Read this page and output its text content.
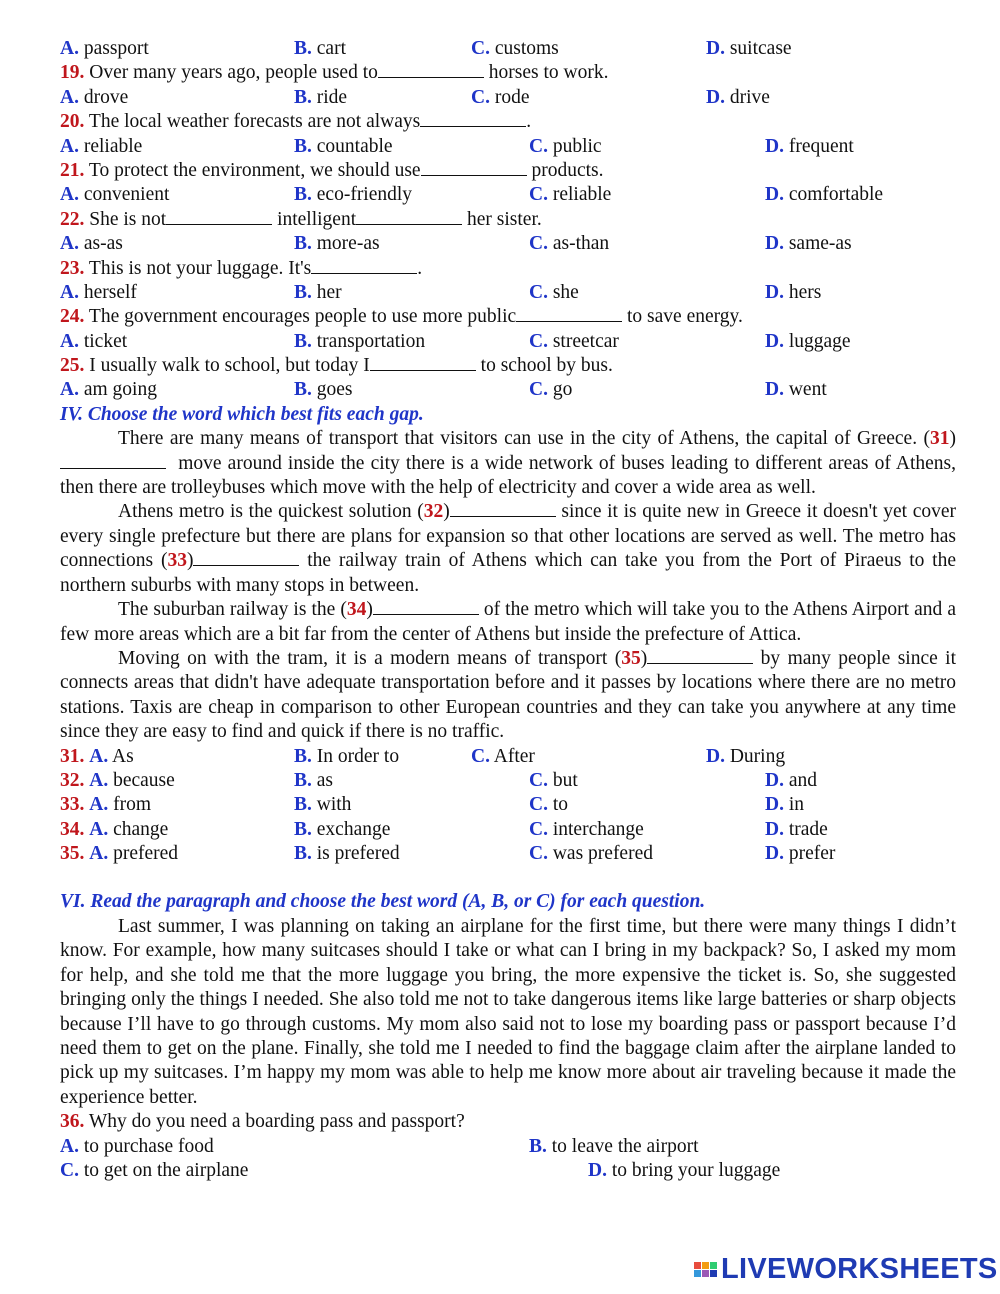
A. passport	B. cart	C. customs	D. suitcase
19. Over many years ago, people used to	horses to work.
A. drove	B. ride	C. rode	D. drive
20. The local weather forecasts are not always	.
A. reliable	B. countable	C. public	D. frequent
21. To protect the environment, we should use	products.
A. convenient	B. eco-friendly	C. reliable	D. comfortable
22. She is not	intelligent	her sister.
A. as-as	B. more-as	C. as-than	D. same-as
23. This is not your luggage. It's	.
A. herself	B. her	C. she	D. hers
24. The government encourages people to use more public	to save energy.
A. ticket	B. transportation	C. streetcar	D. luggage
25. I usually walk to school, but today I	to school by bus.
A. am going	B. goes	C. go	D. went
IV. Choose the word which best fits each gap.

There are many means of transport that visitors can use in the city of Athens, the capital of Greece. (31)  move around inside the city there is a wide network of buses leading to different areas of Athens, then there are trolleybuses which move with the help of electricity and cover a wide area as well.

Athens metro is the quickest solution (32)	since it is quite new in Greece it doesn't yet cover every single prefecture but there are plans for expansion so that other locations are served as well. The metro has connections (33)	the railway train of Athens which can take you from the Port of Piraeus to the northern suburbs with many stops in between.

The suburban railway is the (34)	of the metro which will take you to the Athens Airport and a few more areas which are a bit far from the center of Athens but inside the prefecture of Attica.

Moving on with the tram, it is a modern means of transport (35)	by many people since it connects areas that didn't have adequate transportation before and it passes by locations where there are no metro stations. Taxis are cheap in comparison to other European countries and they can take you anywhere at any time since they are easy to find and quick if there is no traffic.

31. A. As	B. In order to	C. After	D. During
32. A. because	B. as	C. but	D. and
33. A. from	B. with	C. to	D. in
34. A. change	B. exchange	C. interchange	D. trade
35. A. prefered	B. is prefered	C. was prefered	D. prefer
VI. Read the paragraph and choose the best word (A, B, or C) for each question.

Last summer, I was planning on taking an airplane for the first time, but there were many things I didn’t know. For example, how many suitcases should I take or what can I bring in my backpack? So, I asked my mom for help, and she told me that the more luggage you bring, the more expensive the ticket is. So, she suggested bringing only the things I needed. She also told me not to take dangerous items like large batteries or sharp objects because I’ll have to go through customs. My mom also said not to lose my boarding pass or passport because I’d need them to get on the plane. Finally, she told me I needed to find the baggage claim after the airplane landed to pick up my suitcases. I’m happy my mom was able to help me know more about air traveling because it made the experience better.

36. Why do you need a boarding pass and passport?
A. to purchase food	B. to leave the airport
C. to get on the airplane	D. to bring your luggage
LIVEWORKSHEETS
